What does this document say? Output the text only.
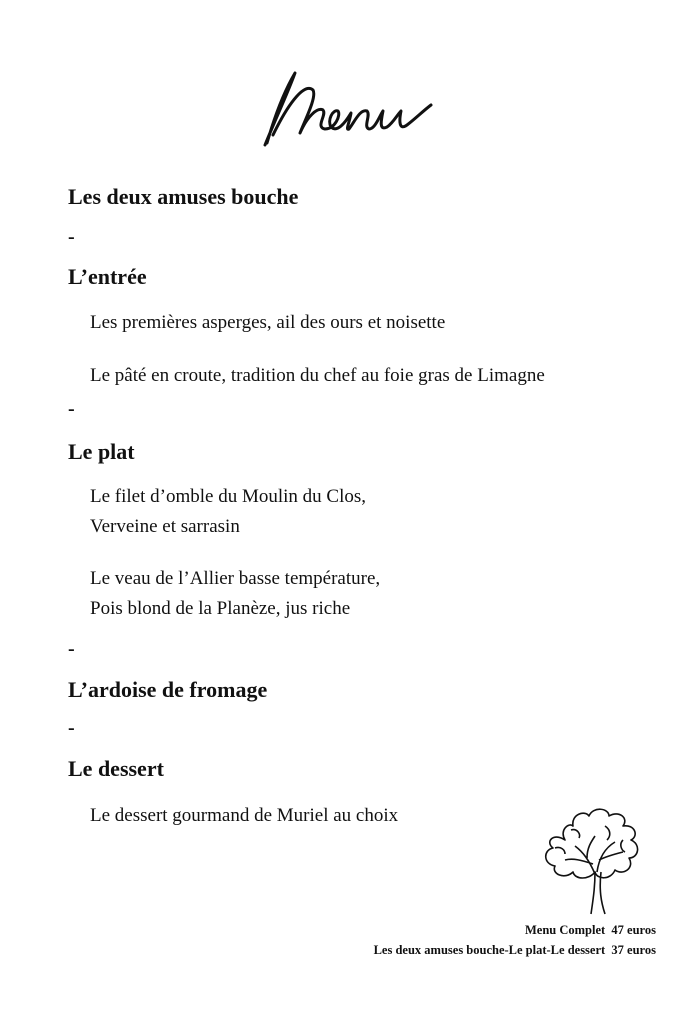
Les deux amuses bouche
-
L’entrée
Les premières asperges, ail des ours et noisette
Le pâté en croute, tradition du chef au foie gras de Limagne
-
Le plat
Le filet d’omble du Moulin du Clos,
Verveine et sarrasin
Le veau de l’Allier basse température,
Pois blond de la Planèze, jus riche
-
L’ardoise de fromage
-
Le dessert
Le dessert gourmand de Muriel au choix
Menu Complet  47 euros
Les deux amuses bouche-Le plat-Le dessert  37 euros
